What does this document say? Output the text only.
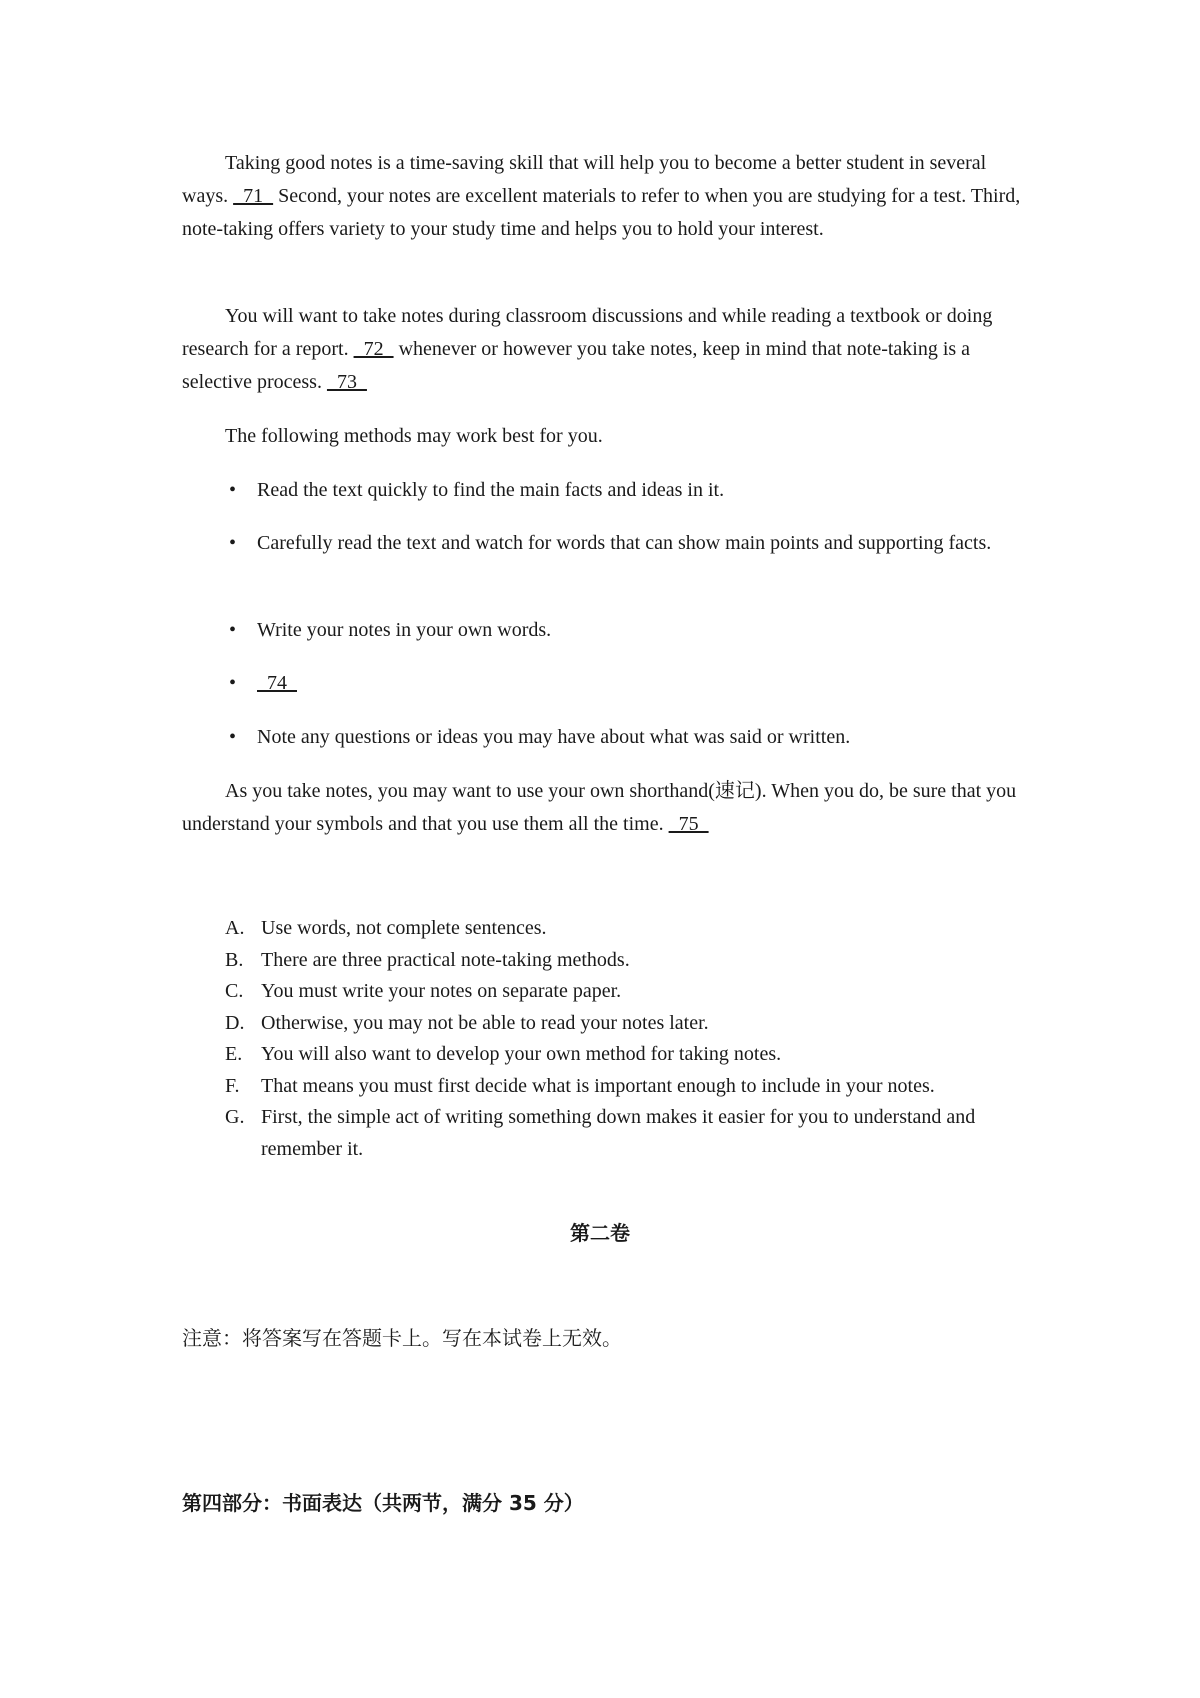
Taking good notes is a time-saving skill that will help you to become a better student in several ways.   71   Second, your notes are excellent materials to refer to when you are studying for a test. Third, note-taking offers variety to your study time and helps you to hold your interest.

You will want to take notes during classroom discussions and while reading a textbook or doing research for a report.   72   whenever or however you take notes, keep in mind that note-taking is a selective process.   73

The following methods may work best for you.

• Read the text quickly to find the main facts and ideas in it.

• Carefully read the text and watch for words that can show main points and supporting facts.

• Write your notes in your own words.

•  74

• Note any questions or ideas you may have about what was said or written.

As you take notes, you may want to use your own shorthand(速记). When you do, be sure that you understand your symbols and that you use them all the time.   75

A. Use words, not complete sentences.
B. There are three practical note-taking methods.
C. You must write your notes on separate paper.
D. Otherwise, you may not be able to read your notes later.
E. You will also want to develop your own method for taking notes.
F.	That means you must first decide what is important enough to include in your notes.
G. First, the simple act of writing something down makes it easier for you to understand and remember it.
第二卷
注意：将答案写在答题卡上。写在本试卷上无效。
第四部分：书面表达（共两节，满分 35 分）
